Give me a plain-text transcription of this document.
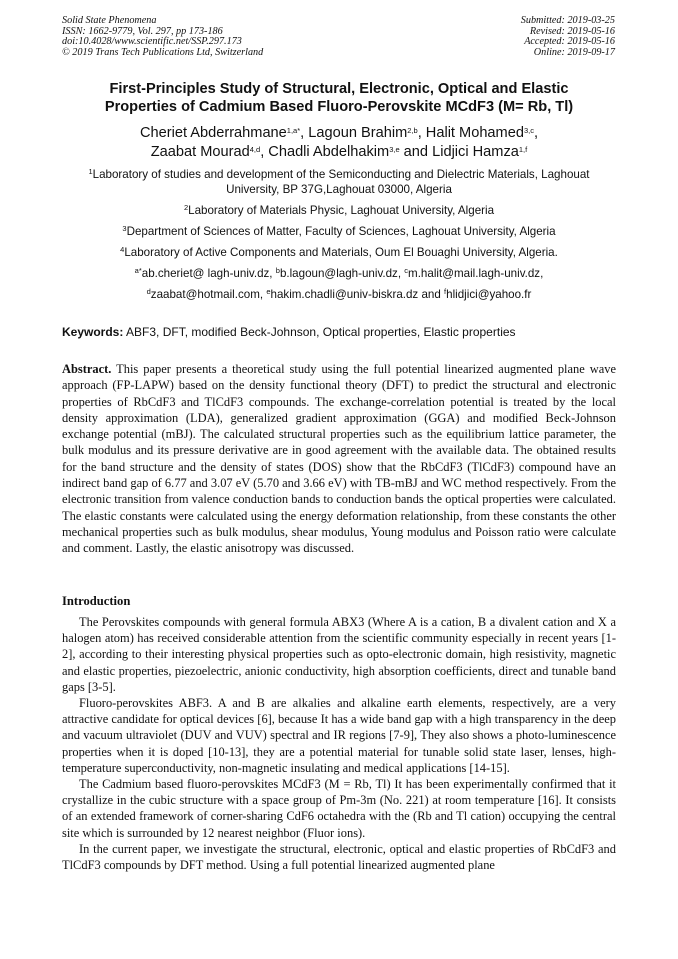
Solid State Phenomena
ISSN: 1662-9779, Vol. 297, pp 173-186
doi:10.4028/www.scientific.net/SSP.297.173
© 2019 Trans Tech Publications Ltd, Switzerland
Submitted: 2019-03-25
Revised: 2019-05-16
Accepted: 2019-05-16
Online: 2019-09-17
First-Principles Study of Structural, Electronic, Optical and Elastic
Properties of Cadmium Based Fluoro-Perovskite MCdF3 (M= Rb, Tl)
Cheriet Abderrahmane$^{1,a*}$, Lagoun Brahim$^{2,b}$, Halit Mohamed$^{3,c}$,
Zaabat Mourad$^{4,d}$, Chadli Abdelhakim$^{3,e}$ and Lidjici Hamza$^{1,f}$

$^1$Laboratory of studies and development of the Semiconducting and Dielectric Materials, Laghouat University, BP 37G,Laghouat 03000, Algeria

$^2$Laboratory of Materials Physic, Laghouat University, Algeria

$^3$Department of Sciences of Matter, Faculty of Sciences, Laghouat University, Algeria

$^4$Laboratory of Active Components and Materials, Oum El Bouaghi University, Algeria.

$^{a*}$ab.cheriet@ lagh-univ.dz, $^b$b.lagoun@lagh-univ.dz, $^c$m.halit@mail.lagh-univ.dz,

$^d$zaabat@hotmail.com, $^e$hakim.chadli@univ-biskra.dz and $^f$hlidjici@yahoo.fr

Keywords: ABF3, DFT, modified Beck-Johnson, Optical properties, Elastic properties

Abstract. This paper presents a theoretical study using the full potential linearized augmented plane wave approach (FP-LAPW) based on the density functional theory (DFT) to predict the structural and electronic properties of RbCdF3 and TlCdF3 compounds. The exchange-correlation potential is treated by the local density approximation (LDA), generalized gradient approximation (GGA) and modified Beck-Johnson exchange potential (mBJ). The calculated structural properties such as the equilibrium lattice parameter, the bulk modulus and its pressure derivative are in good agreement with the available data. The obtained results for the band structure and the density of states (DOS) show that the RbCdF3 (TlCdF3) compound have an indirect band gap of 6.77 and 3.07 eV (5.70 and 3.66 eV) with TB-mBJ and WC method respectively. From the electronic transition from valence conduction bands to conduction bands the optical properties were calculated. The elastic constants were calculated using the energy deformation relationship, from these constants the other mechanical properties such as bulk modulus, shear modulus, Young modulus and Poisson ratio were calculate and comment. Lastly, the elastic anisotropy was discussed.

Introduction

The Perovskites compounds with general formula ABX3 (Where A is a cation, B a divalent cation and X a halogen atom) has received considerable attention from the scientific community especially in recent years [1-2], according to their interesting physical properties such as opto-electronic domain, high resistivity, magnetic and elastic properties, piezoelectric, anionic conductivity, high absorption coefficients, direct and tunable band gaps [3-5].

Fluoro-perovskites ABF3. A and B are alkalies and alkaline earth elements, respectively, are a very attractive candidate for optical devices [6], because It has a wide band gap with a high transparency in the deep and vacuum ultraviolet (DUV and VUV) spectral and IR regions [7-9], They also shows a photo-luminescence properties when it is doped [10-13], they are a potential material for tunable solid state laser, lenses, high-temperature superconductivity, non-magnetic insulating and medical applications [14-15].

The Cadmium based fluoro-perovskites MCdF3 (M = Rb, Tl) It has been experimentally confirmed that it crystallize in the cubic structure with a space group of Pm-3m (No. 221) at room temperature [16]. It consists of an extended framework of corner-sharing CdF6 octahedra with the (Rb and Tl cation) occupying the central site which is surrounded by 12 nearest neighbor (Fluor ions).

In the current paper, we investigate the structural, electronic, optical and elastic properties of RbCdF3 and TlCdF3 compounds by DFT method. Using a full potential linearized augmented plane
